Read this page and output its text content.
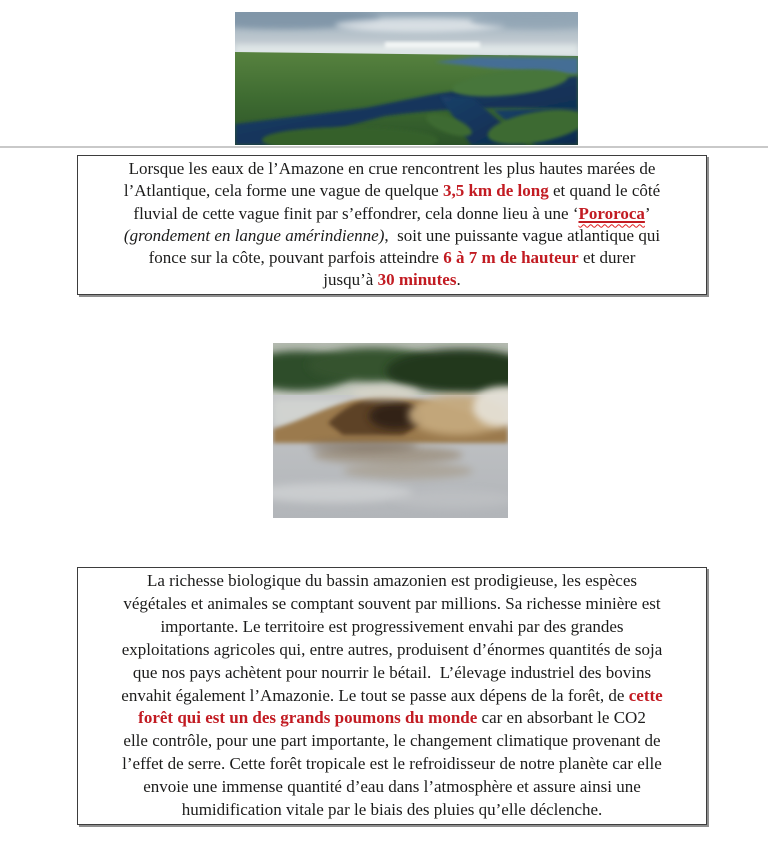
Lorsque les eaux de l’Amazone en crue rencontrent les plus hautes marées de
l’Atlantique, cela forme une vague de quelque 3,5 km de long et quand le côté
fluvial de cette vague finit par s’effondrer, cela donne lieu à une ‘Pororoca’
(grondement en langue amérindienne),  soit une puissante vague atlantique qui
fonce sur la côte, pouvant parfois atteindre 6 à 7 m de hauteur et durer
jusqu’à 30 minutes.
La richesse biologique du bassin amazonien est prodigieuse, les espèces
végétales et animales se comptant souvent par millions. Sa richesse minière est
importante. Le territoire est progressivement envahi par des grandes
exploitations agricoles qui, entre autres, produisent d’énormes quantités de soja
que nos pays achètent pour nourrir le bétail.  L’élevage industriel des bovins
envahit également l’Amazonie. Le tout se passe aux dépens de la forêt, de cette
forêt qui est un des grands poumons du monde car en absorbant le CO2
elle contrôle, pour une part importante, le changement climatique provenant de
l’effet de serre. Cette forêt tropicale est le refroidisseur de notre planète car elle
envoie une immense quantité d’eau dans l’atmosphère et assure ainsi une
humidification vitale par le biais des pluies qu’elle déclenche.
